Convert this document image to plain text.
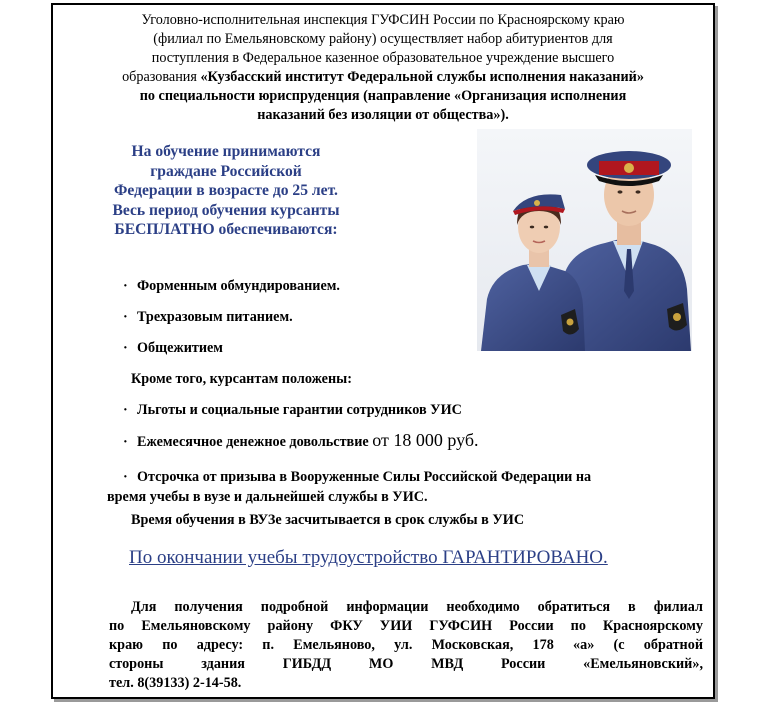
Уголовно-исполнительная инспекция ГУФСИН России по Красноярскому краю
(филиал по Емельяновскому району) осуществляет набор абитуриентов для
поступления в Федеральное казенное образовательное учреждение высшего
образования «Кузбасский институт Федеральной службы исполнения наказаний»
по специальности юриспруденция (направление «Организация исполнения
наказаний без изоляции от общества»).
На обучение принимаются
граждане Российской
Федерации в возрасте до 25 лет.
Весь период обучения курсанты
БЕСПЛАТНО обеспечиваются:
· Форменным обмундированием.
· Трехразовым питанием.
· Общежитием
Кроме того, курсантам положены:
· Льготы и социальные гарантии сотрудников УИС
· Ежемесячное денежное довольствие от 18 000 руб.
· Отсрочка от призыва в Вооруженные Силы Российской Федерации на
время учебы в вузе и дальнейшей службы в УИС.
Время обучения в ВУЗе засчитывается в срок службы в УИС
По окончании учебы трудоустройство ГАРАНТИРОВАНО.
Для получения подробной информации необходимо обратиться в филиал
по Емельяновскому району ФКУ УИИ ГУФСИН России по Красноярскому
краю по адресу: п. Емельяново, ул. Московская, 178 «а» (с обратной
стороны здания ГИБДД МО МВД России «Емельяновский»,
тел. 8(39133) 2-14-58.
